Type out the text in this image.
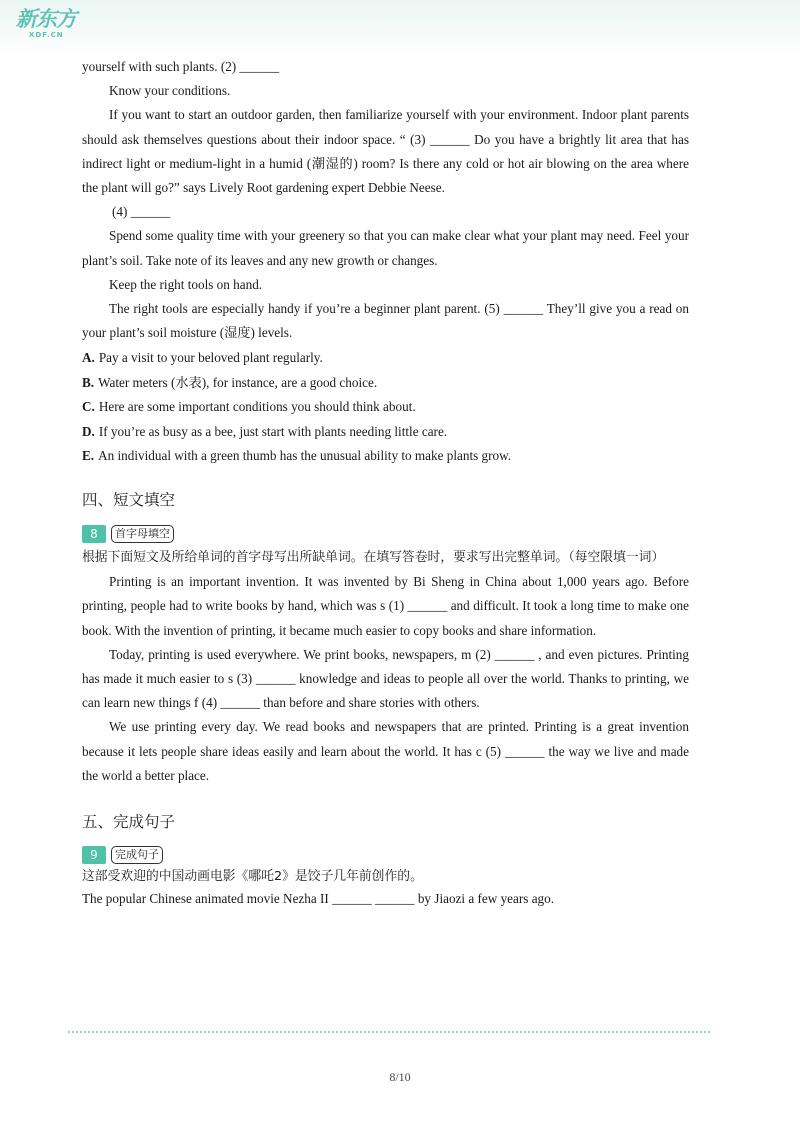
新东方
XDF.CN

yourself with such plants. (2) ______

Know your conditions.

If you want to start an outdoor garden, then familiarize yourself with your environment. Indoor plant parents should ask themselves questions about their indoor space. “ (3) ______ Do you have a brightly lit area that has indirect light or medium-light in a humid (潮湿的) room? Is there any cold or hot air blowing on the area where the plant will go?” says Lively Root gardening expert Debbie Neese.

(4) ______

Spend some quality time with your greenery so that you can make clear what your plant may need. Feel your plant’s soil. Take note of its leaves and any new growth or changes.

Keep the right tools on hand.

The right tools are especially handy if you’re a beginner plant parent. (5) ______ They’ll give you a read on your plant’s soil moisture (湿度) levels.

A. Pay a visit to your beloved plant regularly.
B. Water meters (水表), for instance, are a good choice.
C. Here are some important conditions you should think about.
D. If you’re as busy as a bee, just start with plants needing little care.
E. An individual with a green thumb has the unusual ability to make plants grow.
四、短文填空
8	首字母填空

根据下面短文及所给单词的首字母写出所缺单词。在填写答卷时，要求写出完整单词。（每空限填一词）

Printing is an important invention. It was invented by Bi Sheng in China about 1,000 years ago. Before printing, people had to write books by hand, which was s (1) ______ and difficult. It took a long time to make one book. With the invention of printing, it became much easier to copy books and share information.

Today, printing is used everywhere. We print books, newspapers, m (2) ______ , and even pictures. Printing has made it much easier to s (3) ______ knowledge and ideas to people all over the world. Thanks to printing, we can learn new things f (4) ______ than before and share stories with others.

We use printing every day. We read books and newspapers that are printed. Printing is a great invention because it lets people share ideas easily and learn about the world. It has c (5) ______ the way we live and made the world a better place.

五、完成句子
9	完成句子

这部受欢迎的中国动画电影《哪吒2》是饺子几年前创作的。

The popular Chinese animated movie Nezha II ______ ______ by Jiaozi a few years ago.

8/10
